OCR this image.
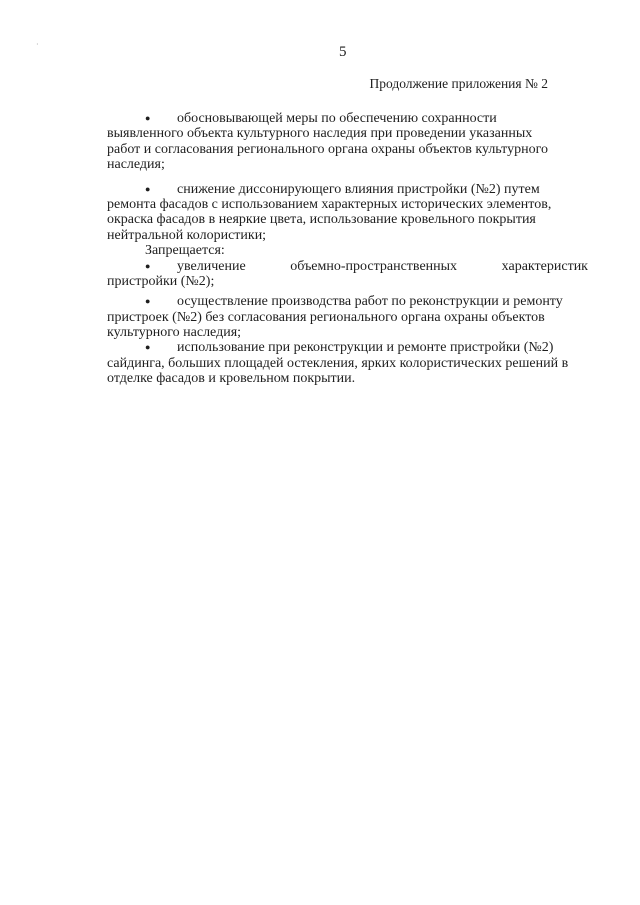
·	5
Продолжение приложения № 2
● обосновывающей меры по обеспечению сохранности
выявленного объекта культурного наследия при проведении указанных
работ и согласования регионального органа охраны объектов культурного
наследия;
● снижение диссонирующего влияния пристройки (№2) путем
ремонта фасадов с использованием характерных исторических элементов,
окраска фасадов в неяркие цвета, использование кровельного покрытия
нейтральной колористики;
Запрещается:
● увеличение	объемно-пространственных	характеристик
пристройки (№2);
● осуществление производства работ по реконструкции и ремонту
пристроек (№2) без согласования регионального органа охраны объектов
культурного наследия;
● использование при реконструкции и ремонте пристройки (№2)
сайдинга, больших площадей остекления, ярких колористических решений в
отделке фасадов и кровельном покрытии.
